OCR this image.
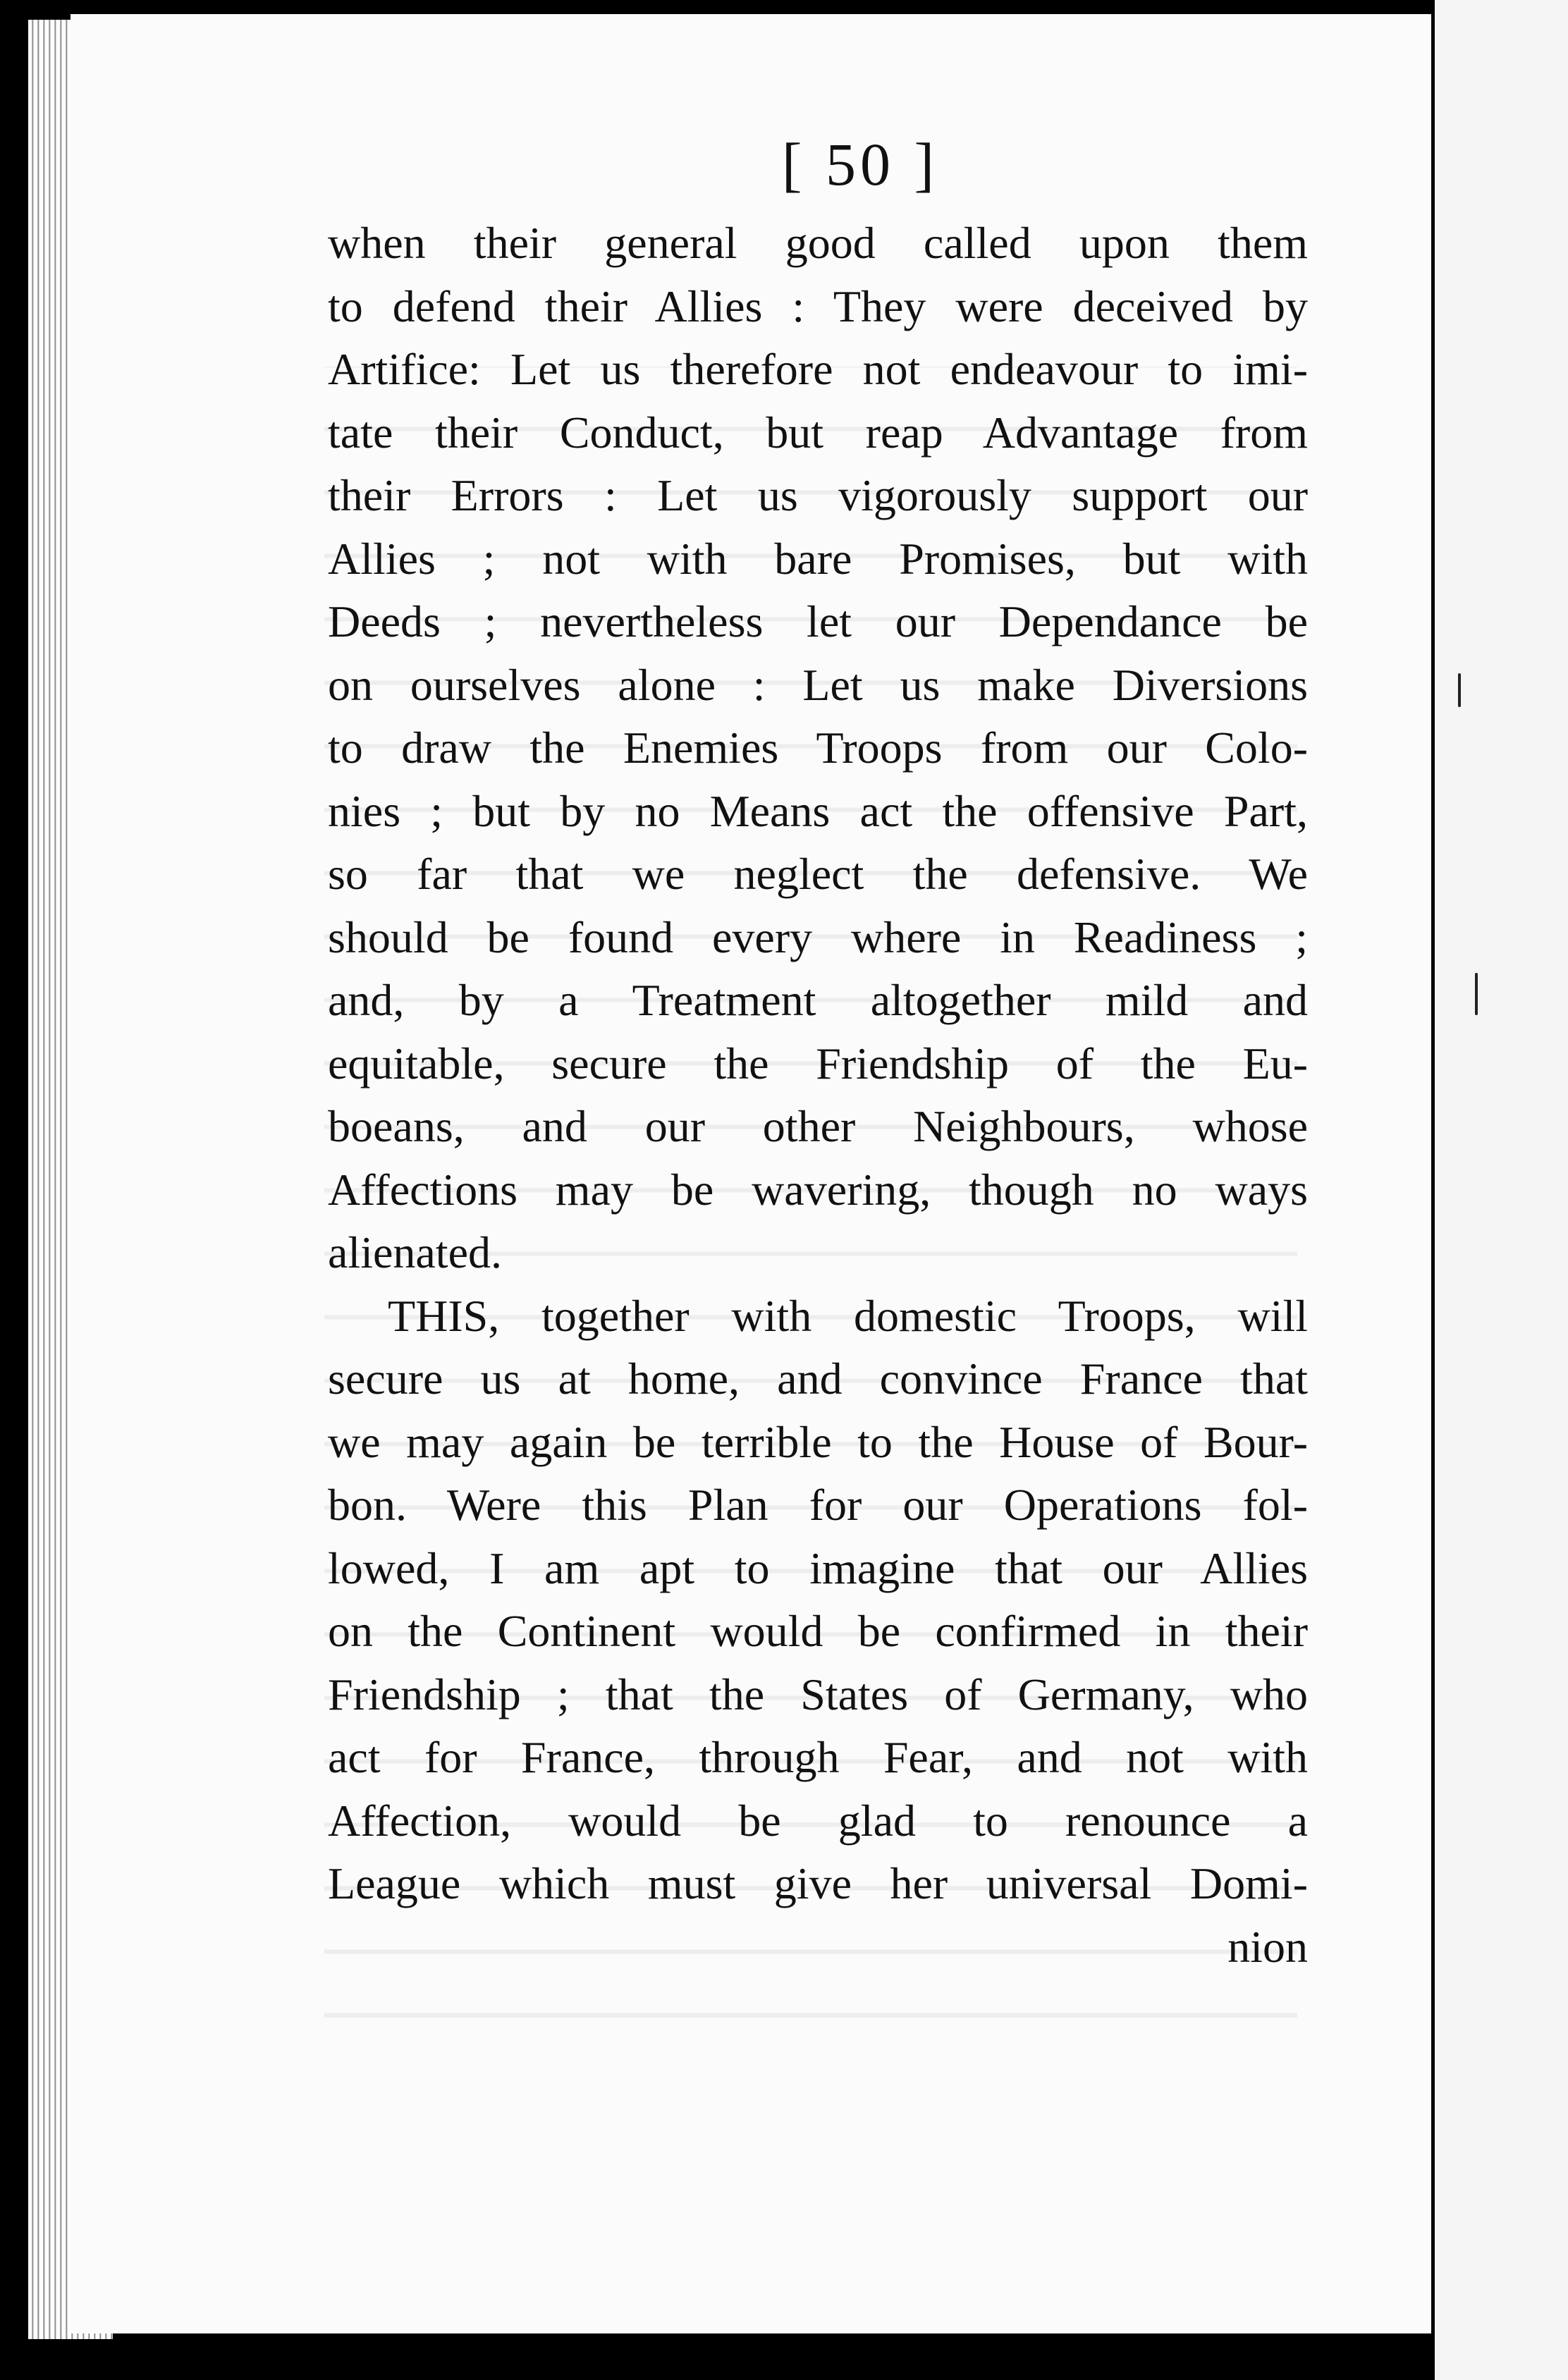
[ 50 ]
when their general good called upon them
to defend their Allies : They were deceived by
Artifice: Let us therefore not endeavour to imi-
tate their Conduct, but reap Advantage from
their Errors : Let us vigorously support our
Allies ; not with bare Promises, but with
Deeds ; nevertheless let our Dependance be
on ourselves alone : Let us make Diversions
to draw the Enemies Troops from our Colo-
nies ; but by no Means act the offensive Part,
so far that we neglect the defensive. We
should be found every where in Readiness ;
and, by a Treatment altogether mild and
equitable, secure the Friendship of the Eu-
boeans, and our other Neighbours, whose
Affections may be wavering, though no ways
alienated.
THIS, together with domestic Troops, will
secure us at home, and convince France that
we may again be terrible to the House of Bour-
bon. Were this Plan for our Operations fol-
lowed, I am apt to imagine that our Allies
on the Continent would be confirmed in their
Friendship ; that the States of Germany, who
act for France, through Fear, and not with
Affection, would be glad to renounce a
League which must give her universal Domi-
nion
